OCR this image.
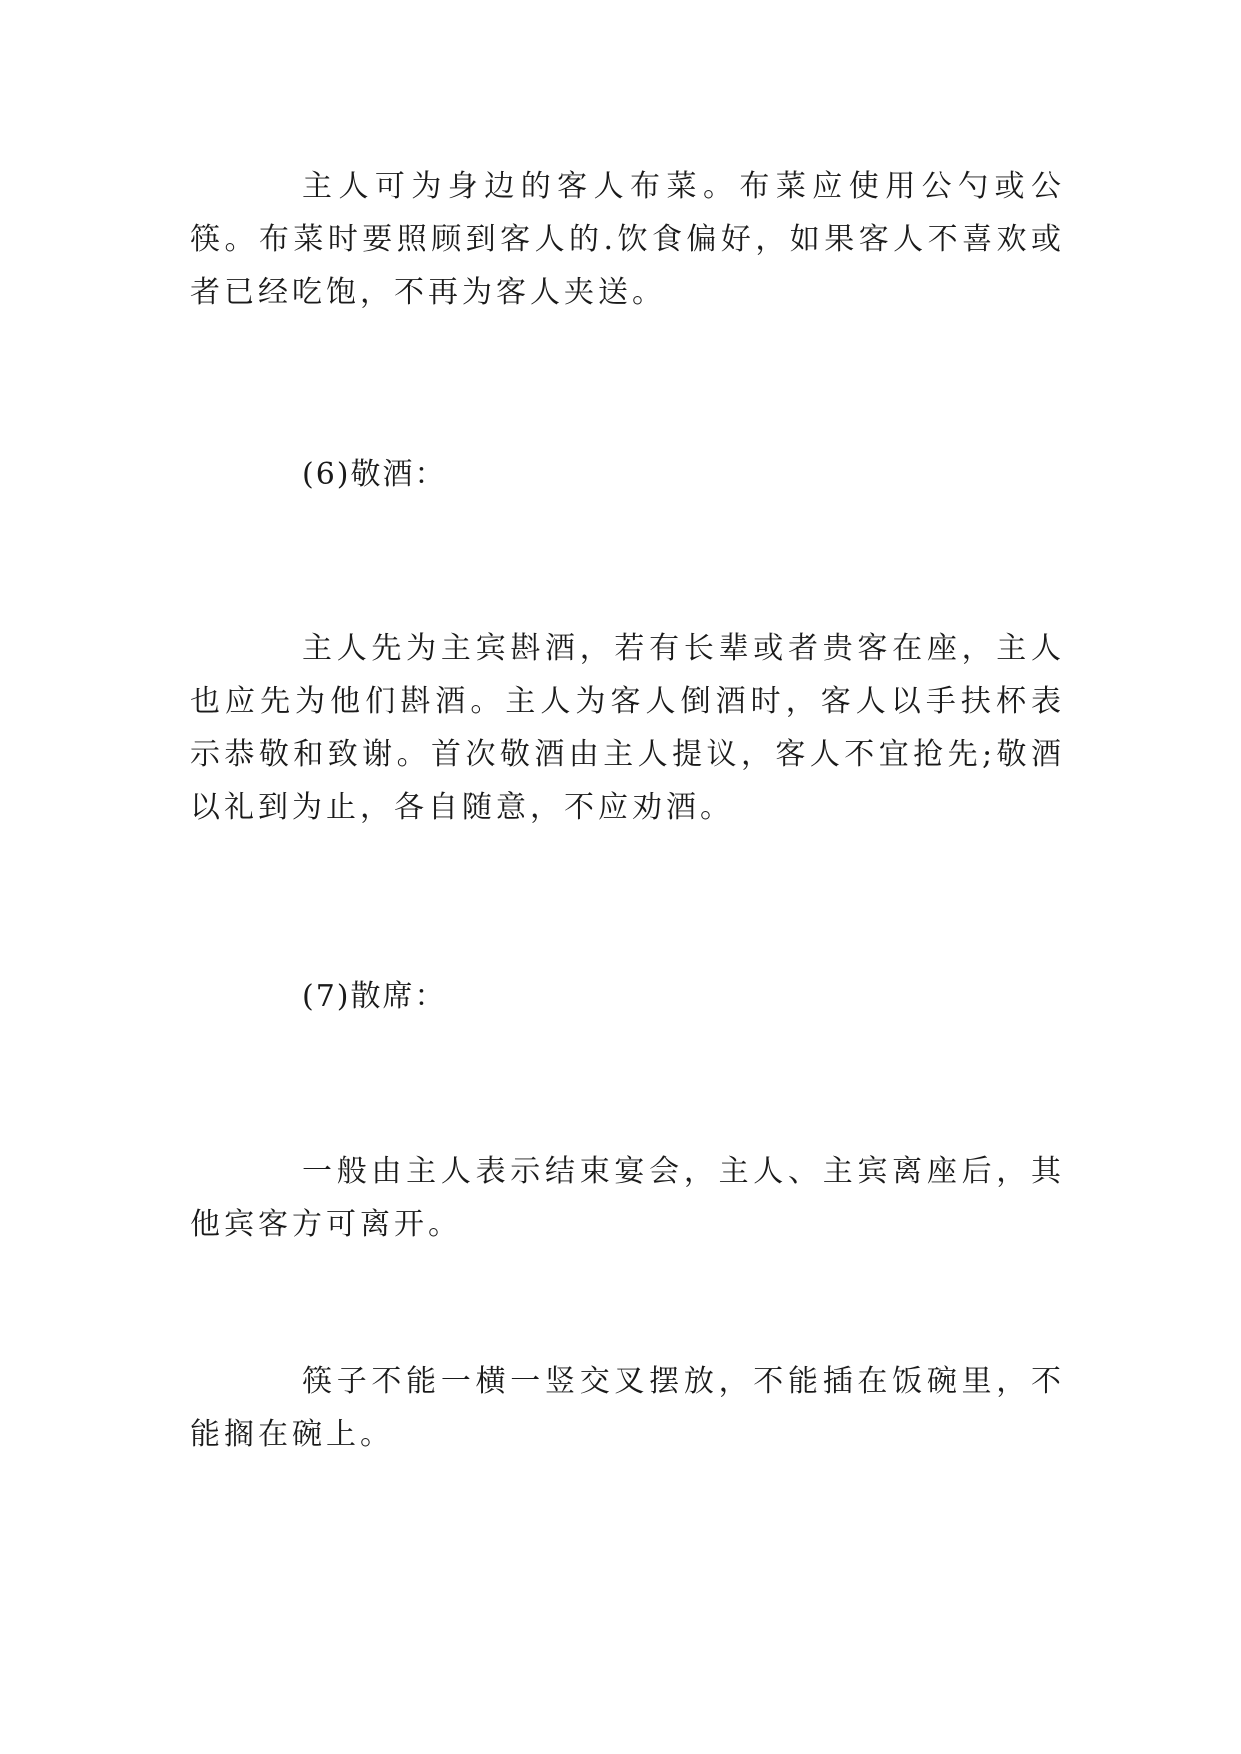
主人可为身边的客人布菜。布菜应使用公勺或公筷。布菜时要照顾到客人的.饮食偏好，如果客人不喜欢或者已经吃饱，不再为客人夹送。

(6)敬酒：

主人先为主宾斟酒，若有长辈或者贵客在座，主人也应先为他们斟酒。主人为客人倒酒时，客人以手扶杯表示恭敬和致谢。首次敬酒由主人提议，客人不宜抢先;敬酒以礼到为止，各自随意，不应劝酒。

(7)散席：

一般由主人表示结束宴会，主人、主宾离座后，其他宾客方可离开。

筷子不能一横一竖交叉摆放，不能插在饭碗里，不能搁在碗上。
